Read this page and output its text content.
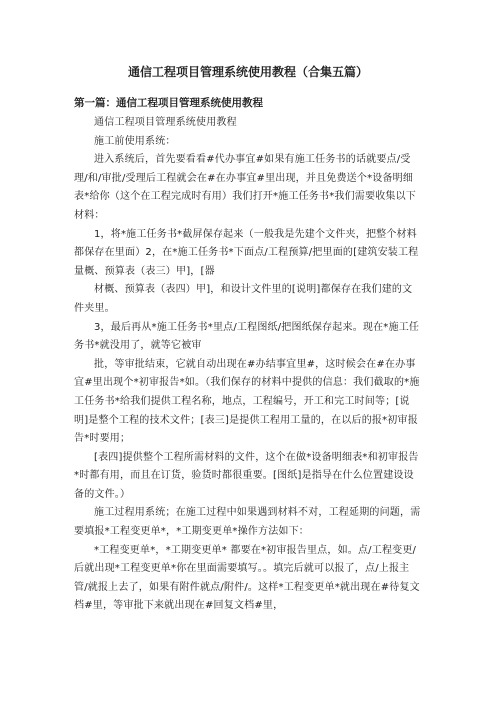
通信工程项目管理系统使用教程（合集五篇）
第一篇：通信工程项目管理系统使用教程

通信工程项目管理系统使用教程

施工前使用系统：

进入系统后，首先要看看#代办事宜#如果有施工任务书的话就要点/受理/和/审批/受理后工程就会在#在办事宜#里出现，并且免费送个*设备明细表*给你（这个在工程完成时有用）我们打开*施工任务书*我们需要收集以下材料：

1，将*施工任务书*截屏保存起来（一般我是先建个文件夹，把整个材料都保存在里面）2，在*施工任务书*下面点/工程预算/把里面的[建筑安装工程量概、预算表（表三）甲]，[器

材概、预算表（表四）甲]，和设计文件里的[说明]都保存在我们建的文件夹里。

3，最后再从*施工任务书*里点/工程图纸/把图纸保存起来。现在*施工任务书*就没用了，就等它被审

批，等审批结束，它就自动出现在#办结事宜里#，这时候会在#在办事宜#里出现个*初审报告*如。（我们保存的材料中提供的信息：我们截取的*施工任务书*给我们提供工程名称，地点，工程编号，开工和完工时间等；[说明]是整个工程的技术文件；[表三]是提供工程用工量的，在以后的报*初审报告*时要用；

[表四]提供整个工程所需材料的文件，这个在做*设备明细表*和初审报告*时都有用，而且在订货，验货时都很重要。[图纸]是指导在什么位置建设设备的文件。）

施工过程用系统；在施工过程中如果遇到材料不对，工程延期的问题，需要填报*工程变更单*，*工期变更单*操作方法如下：

*工程变更单*，*工期变更单* 都要在*初审报告里点，如。点/工程变更/后就出现*工程变更单*你在里面需要填写。。填完后就可以报了，点/上报主管/就报上去了，如果有附件就点/附件/。这样*工程变更单*就出现在#待复文档#里，等审批下来就出现在#回复文档#里，
